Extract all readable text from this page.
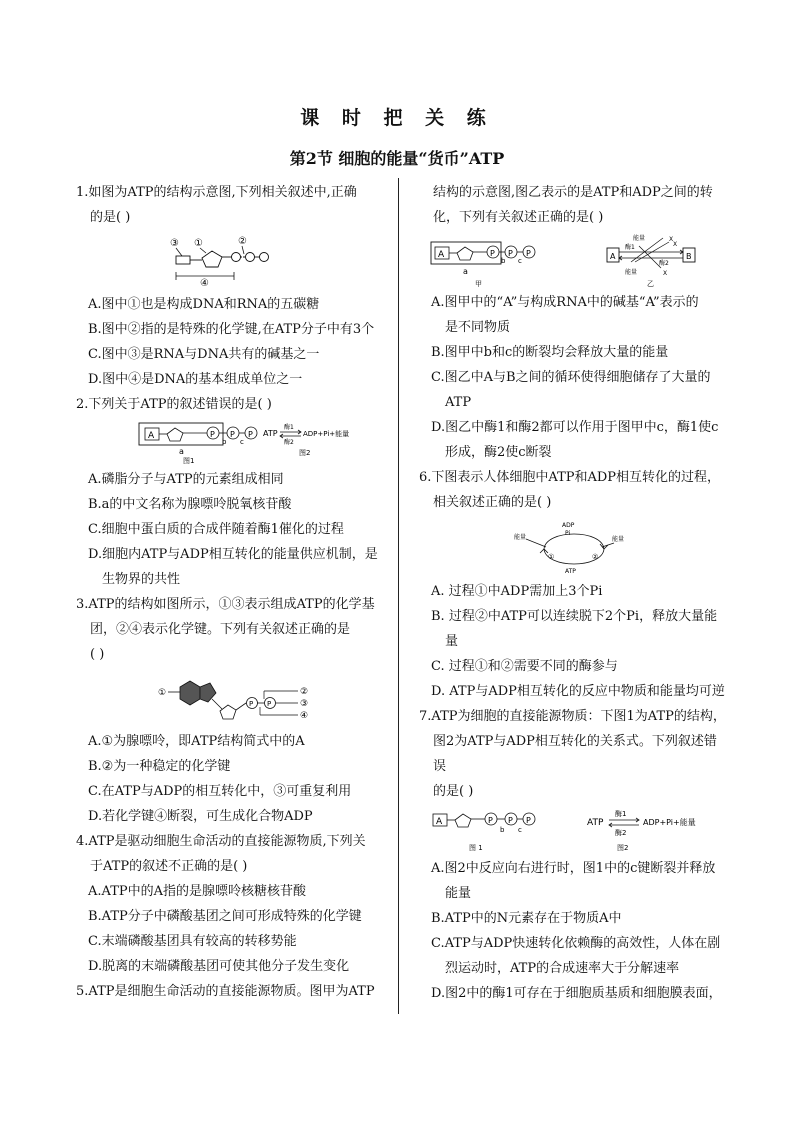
课 时 把 关 练
第2节 细胞的能量“货币”ATP

1.如图为ATP的结构示意图,下列相关叙述中,正确

的是( )

③ ①	②
④

A.图中①也是构成DNA和RNA的五碳糖

B.图中②指的是特殊的化学键,在ATP分子中有3个

C.图中③是RNA与DNA共有的碱基之一

D.图中④是DNA的基本组成单位之一

2.下列关于ATP的叙述错误的是( )

A	P P P
b c
a
图1
ATP
酶1
酶2
ADP+Pi+能量
图2

A.磷脂分子与ATP的元素组成相同

B.a的中文名称为腺嘌呤脱氧核苷酸

C.细胞中蛋白质的合成伴随着酶1催化的过程

D.细胞内ATP与ADP相互转化的能量供应机制，是

生物界的共性

3.ATP的结构如图所示，①③表示组成ATP的化学基

团，②④表示化学键。下列有关叙述正确的是

( )

①
P P
②
③
④

A.①为腺嘌呤，即ATP结构简式中的A

B.②为一种稳定的化学键

C.在ATP与ADP的相互转化中，③可重复利用

D.若化学键④断裂，可生成化合物ADP

4.ATP是驱动细胞生命活动的直接能源物质,下列关

于ATP的叙述不正确的是( )

A.ATP中的A指的是腺嘌呤核糖核苷酸

B.ATP分子中磷酸基团之间可形成特殊的化学键

C.末端磷酸基团具有较高的转移势能

D.脱离的末端磷酸基团可使其他分子发生变化

5.ATP是细胞生命活动的直接能源物质。图甲为ATP

结构的示意图,图乙表示的是ATP和ADP之间的转

化，下列有关叙述正确的是( )

A	P P P
b c
a
甲
A	B
能量	X
X
酶1
酶2
能量	X
乙

A.图甲中的“A”与构成RNA中的碱基“A”表示的

是不同物质

B.图甲中b和c的断裂均会释放大量的能量

C.图乙中A与B之间的循环使得细胞储存了大量的

ATP

D.图乙中酶1和酶2都可以作用于图甲中c，酶1使c

形成，酶2使c断裂

6.下图表示人体细胞中ATP和ADP相互转化的过程，

相关叙述正确的是( )

ADP
Pi
能量	能量
①	②
ATP

A. 过程①中ADP需加上3个Pi

B. 过程②中ATP可以连续脱下2个Pi，释放大量能

量

C. 过程①和②需要不同的酶参与

D. ATP与ADP相互转化的反应中物质和能量均可逆

7.ATP为细胞的直接能源物质：下图1为ATP的结构，

图2为ATP与ADP相互转化的关系式。下列叙述错误

的是( )

A	P P P
b c
图 1
ATP
酶1
酶2
ADP+Pi+能量
图2

A.图2中反应向右进行时，图1中的c键断裂并释放

能量

B.ATP中的N元素存在于物质A中

C.ATP与ADP快速转化依赖酶的高效性，人体在剧

烈运动时，ATP的合成速率大于分解速率

D.图2中的酶1可存在于细胞质基质和细胞膜表面，
